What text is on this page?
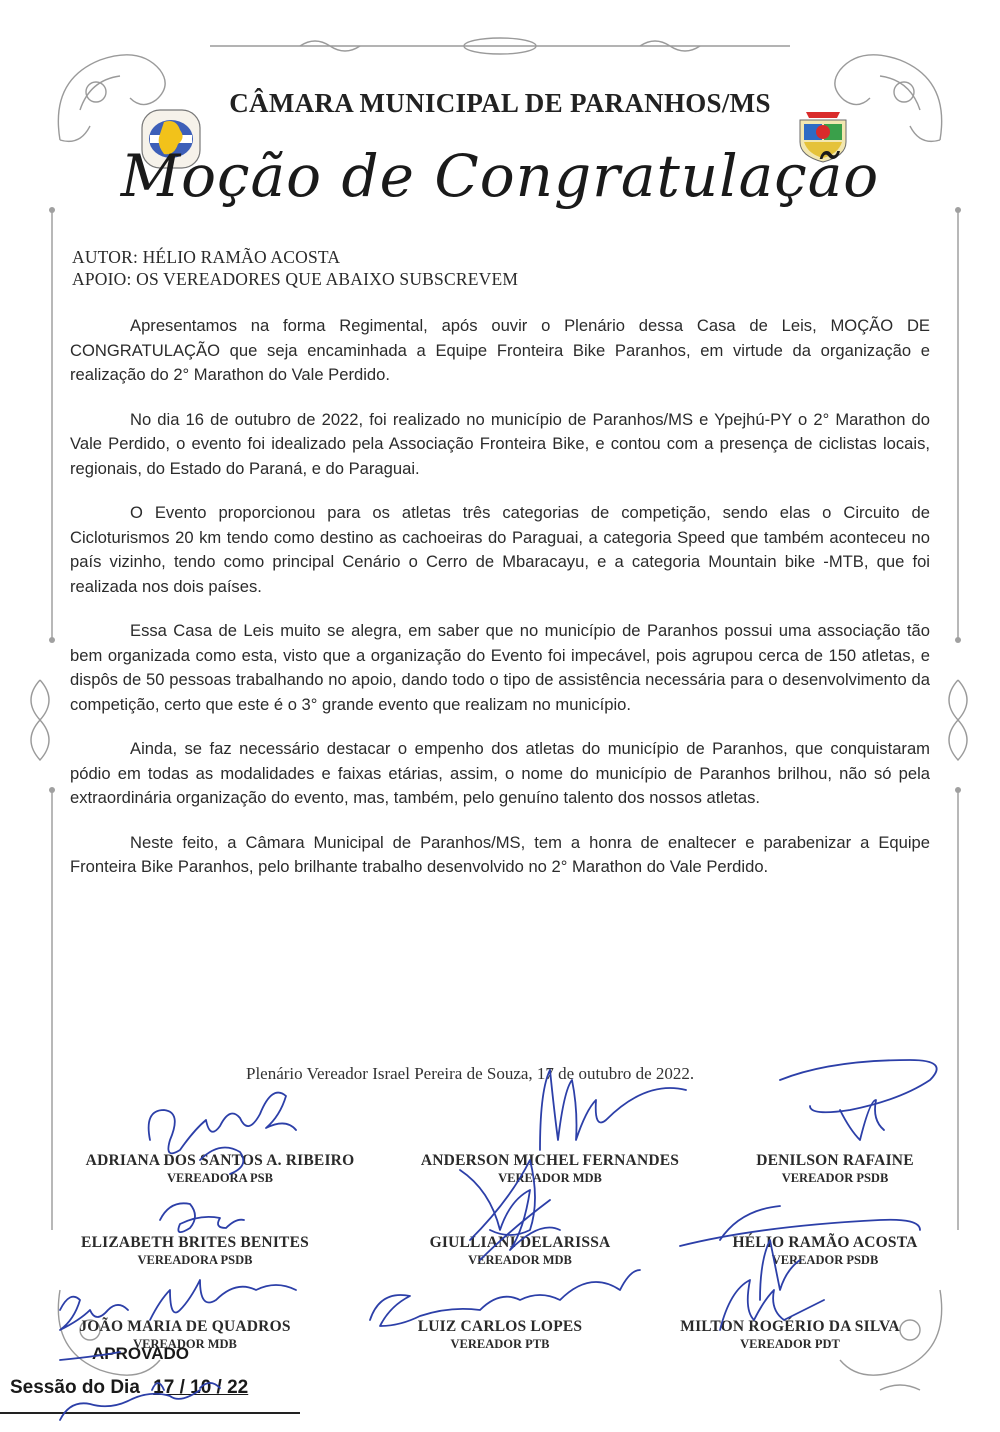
CÂMARA MUNICIPAL DE PARANHOS/MS
Moção de Congratulação
AUTOR: HÉLIO RAMÃO ACOSTA
APOIO: OS VEREADORES QUE ABAIXO SUBSCREVEM

Apresentamos na forma Regimental, após ouvir o Plenário dessa Casa de Leis, MOÇÃO DE CONGRATULAÇÃO que seja encaminhada a Equipe Fronteira Bike Paranhos, em virtude da organização e realização do 2° Marathon do Vale Perdido.

No dia 16 de outubro de 2022, foi realizado no município de Paranhos/MS e Ypejhú-PY o 2° Marathon do Vale Perdido, o evento foi idealizado pela Associação Fronteira Bike, e contou com a presença de ciclistas locais, regionais, do Estado do Paraná, e do Paraguai.

O Evento proporcionou para os atletas três categorias de competição, sendo elas o Circuito de Cicloturismos 20 km tendo como destino as cachoeiras do Paraguai, a categoria Speed que também aconteceu no país vizinho, tendo como principal Cenário o Cerro de Mbaracayu, e a categoria Mountain bike -MTB, que foi realizada nos dois países.

Essa Casa de Leis muito se alegra, em saber que no município de Paranhos possui uma associação tão bem organizada como esta, visto que a organização do Evento foi impecável, pois agrupou cerca de 150 atletas, e dispôs de 50 pessoas trabalhando no apoio, dando todo o tipo de assistência necessária para o desenvolvimento da competição, certo que este é o 3° grande evento que realizam no município.

Ainda, se faz necessário destacar o empenho dos atletas do município de Paranhos, que conquistaram pódio em todas as modalidades e faixas etárias, assim, o nome do município de Paranhos brilhou, não só pela extraordinária organização do evento, mas, também, pelo genuíno talento dos nossos atletas.

Neste feito, a Câmara Municipal de Paranhos/MS, tem a honra de enaltecer e parabenizar a Equipe Fronteira Bike Paranhos, pelo brilhante trabalho desenvolvido no 2° Marathon do Vale Perdido.

Plenário Vereador Israel Pereira de Souza, 17 de outubro de 2022.
ADRIANA DOS SANTOS A. RIBEIRO
VEREADORA PSB
ANDERSON MICHEL FERNANDES
VEREADOR MDB
DENILSON RAFAINE
VEREADOR PSDB
ELIZABETH BRITES BENITES
VEREADORA PSDB
GIULLIANI DELARISSA
VEREADOR MDB
HÉLIO RAMÃO ACOSTA
VEREADOR PSDB
JOÃO MARIA DE QUADROS
VEREADOR MDB
LUIZ CARLOS LOPES
VEREADOR PTB
MILTON ROGÉRIO DA SILVA
VEREADOR PDT
APROVADO
Sessão do Dia 17 / 10 / 22
